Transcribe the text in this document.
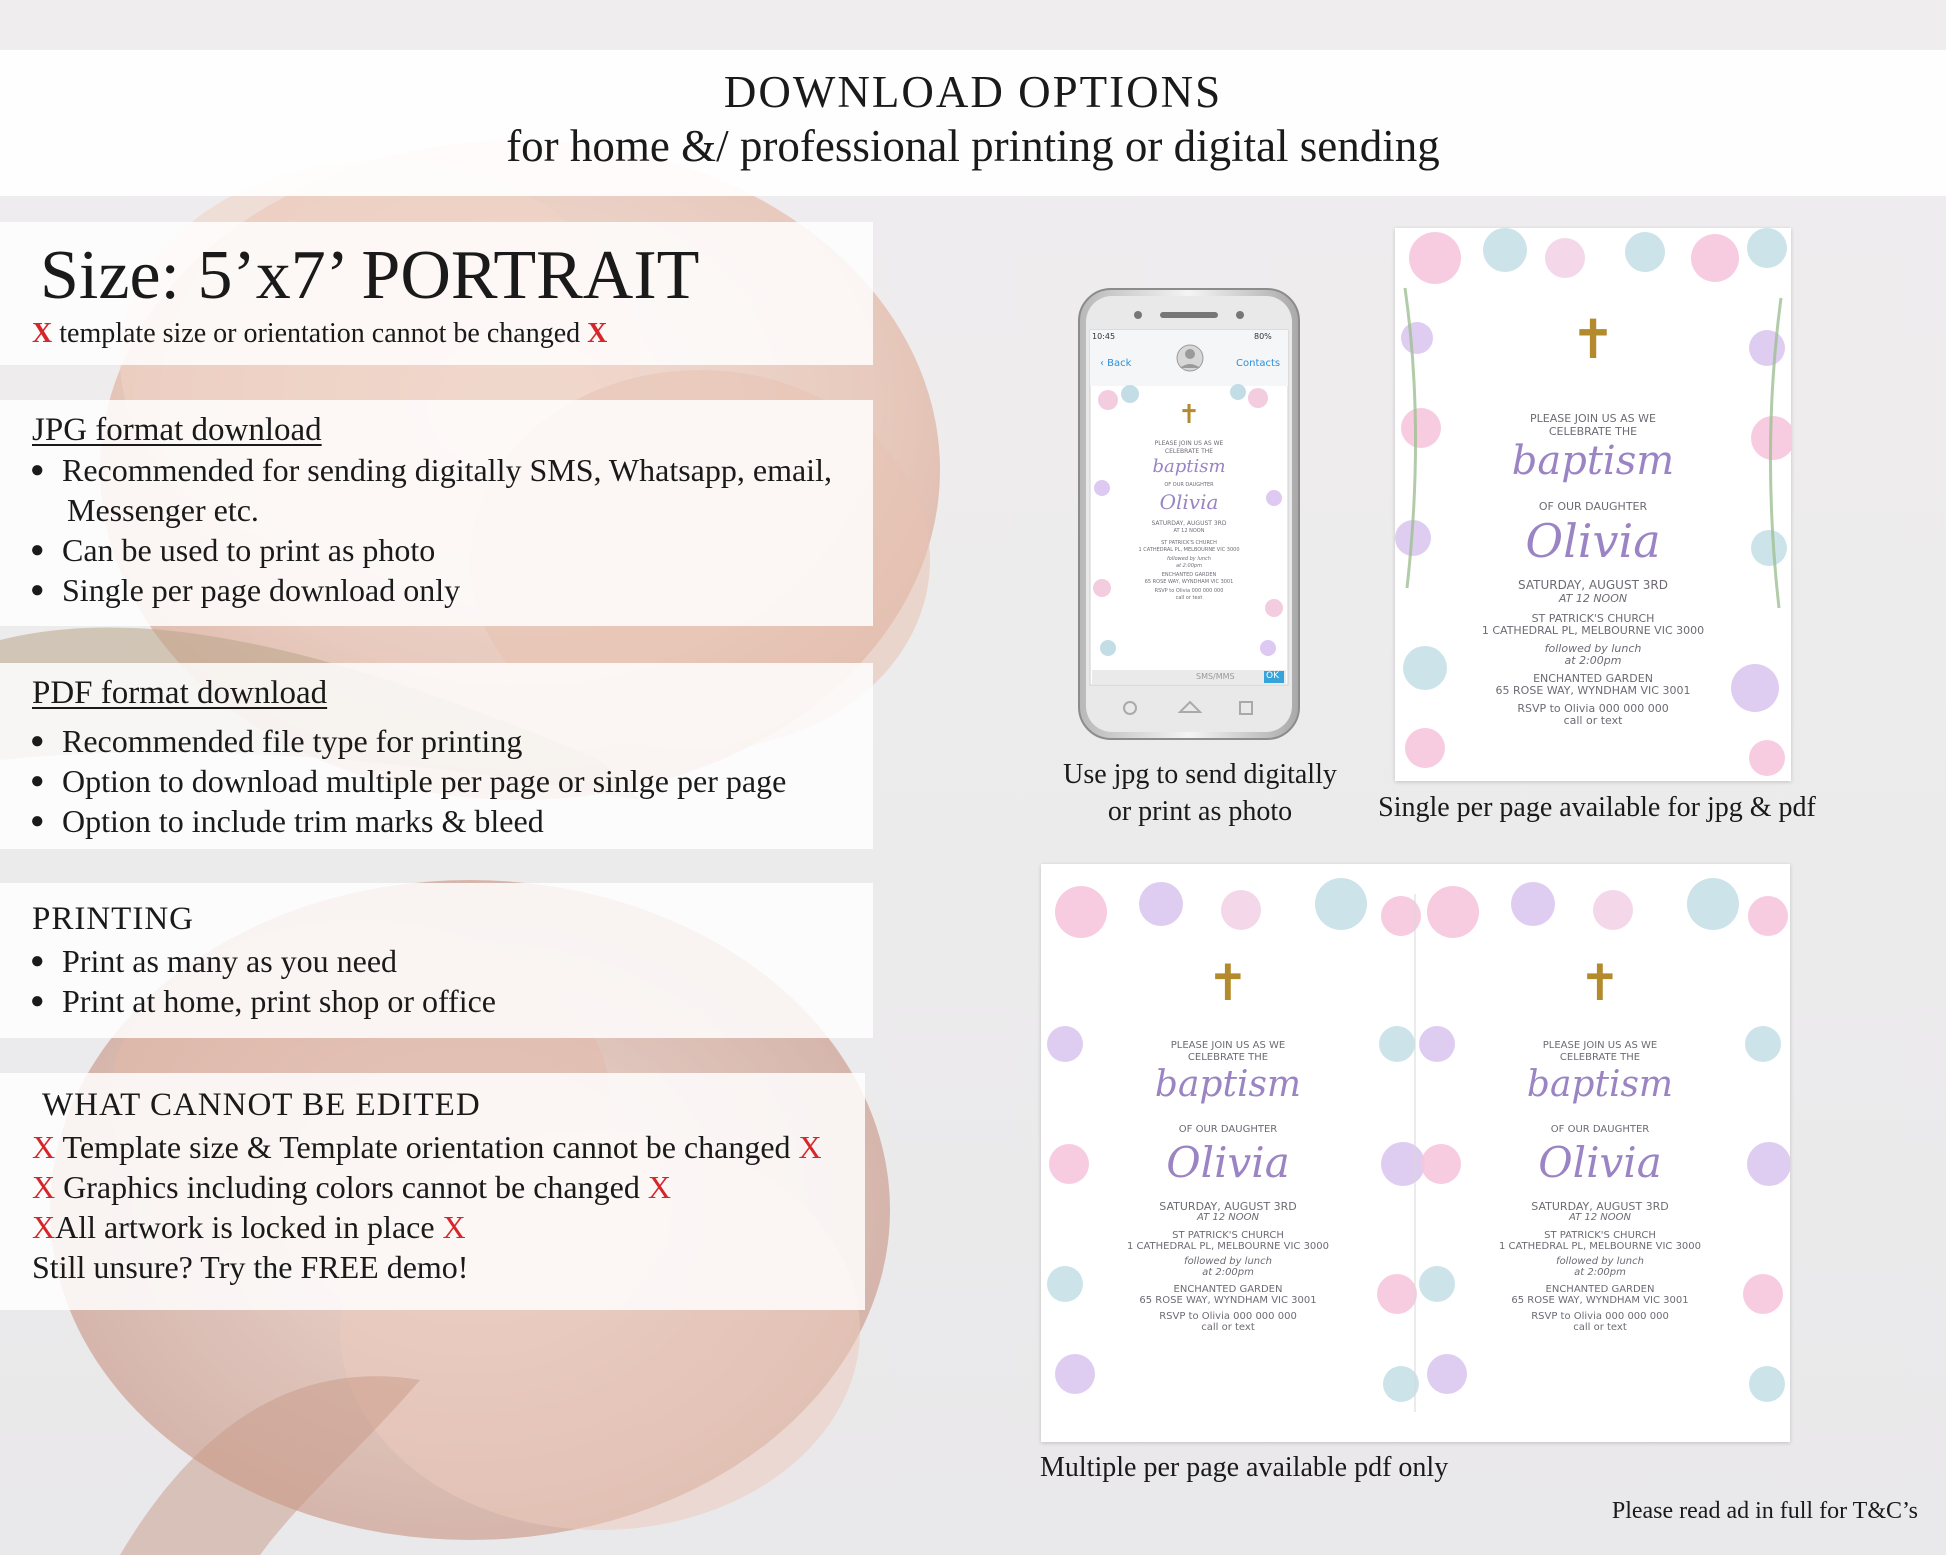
DOWNLOAD OPTIONS
for home &/ professional printing or digital sending
Size: 5’x7’ PORTRAIT
X template size or orientation cannot be changed X
JPG format download
● Recommended for sending digitally SMS, Whatsapp, email,
Messenger etc.
● Can be used to print as photo
● Single per page download only
PDF format download
● Recommended file type for printing
● Option to download multiple per page or sinlge per page
● Option to include trim marks & bleed
PRINTING
● Print as many as you need
● Print at home, print shop or office
WHAT CANNOT BE EDITED
X Template size & Template orientation cannot be changed X
X Graphics including colors cannot be changed X
XAll artwork is locked in place X
Still unsure? Try the FREE demo!
10:45	80%
‹ Back	Contacts
SMS/MMS	OK
✝
PLEASE JOIN US AS WE
CELEBRATE THE
baptism
OF OUR DAUGHTER
Olivia
SATURDAY, AUGUST 3RD
AT 12 NOON
ST PATRICK'S CHURCH
1 CATHEDRAL PL, MELBOURNE VIC 3000
followed by lunch
at 2:00pm
ENCHANTED GARDEN
65 ROSE WAY, WYNDHAM VIC 3001
RSVP to Olivia 000 000 000
call or text
✝
PLEASE JOIN US AS WE
CELEBRATE THE
baptism
OF OUR DAUGHTER
Olivia
SATURDAY, AUGUST 3RD
AT 12 NOON
ST PATRICK'S CHURCH
1 CATHEDRAL PL, MELBOURNE VIC 3000
followed by lunch
at 2:00pm
ENCHANTED GARDEN
65 ROSE WAY, WYNDHAM VIC 3001
RSVP to Olivia 000 000 000
call or text
✝
PLEASE JOIN US AS WE
CELEBRATE THE
baptism
OF OUR DAUGHTER
Olivia
SATURDAY, AUGUST 3RD
AT 12 NOON
ST PATRICK'S CHURCH
1 CATHEDRAL PL, MELBOURNE VIC 3000
followed by lunch
at 2:00pm
ENCHANTED GARDEN
65 ROSE WAY, WYNDHAM VIC 3001
RSVP to Olivia 000 000 000
call or text
✝
PLEASE JOIN US AS WE
CELEBRATE THE
baptism
OF OUR DAUGHTER
Olivia
SATURDAY, AUGUST 3RD
AT 12 NOON
ST PATRICK'S CHURCH
1 CATHEDRAL PL, MELBOURNE VIC 3000
followed by lunch
at 2:00pm
ENCHANTED GARDEN
65 ROSE WAY, WYNDHAM VIC 3001
RSVP to Olivia 000 000 000
call or text
Use jpg to send digitally
or print as photo	Single per page available for jpg & pdf
Multiple per page available pdf only
Please read ad in full for T&C’s
